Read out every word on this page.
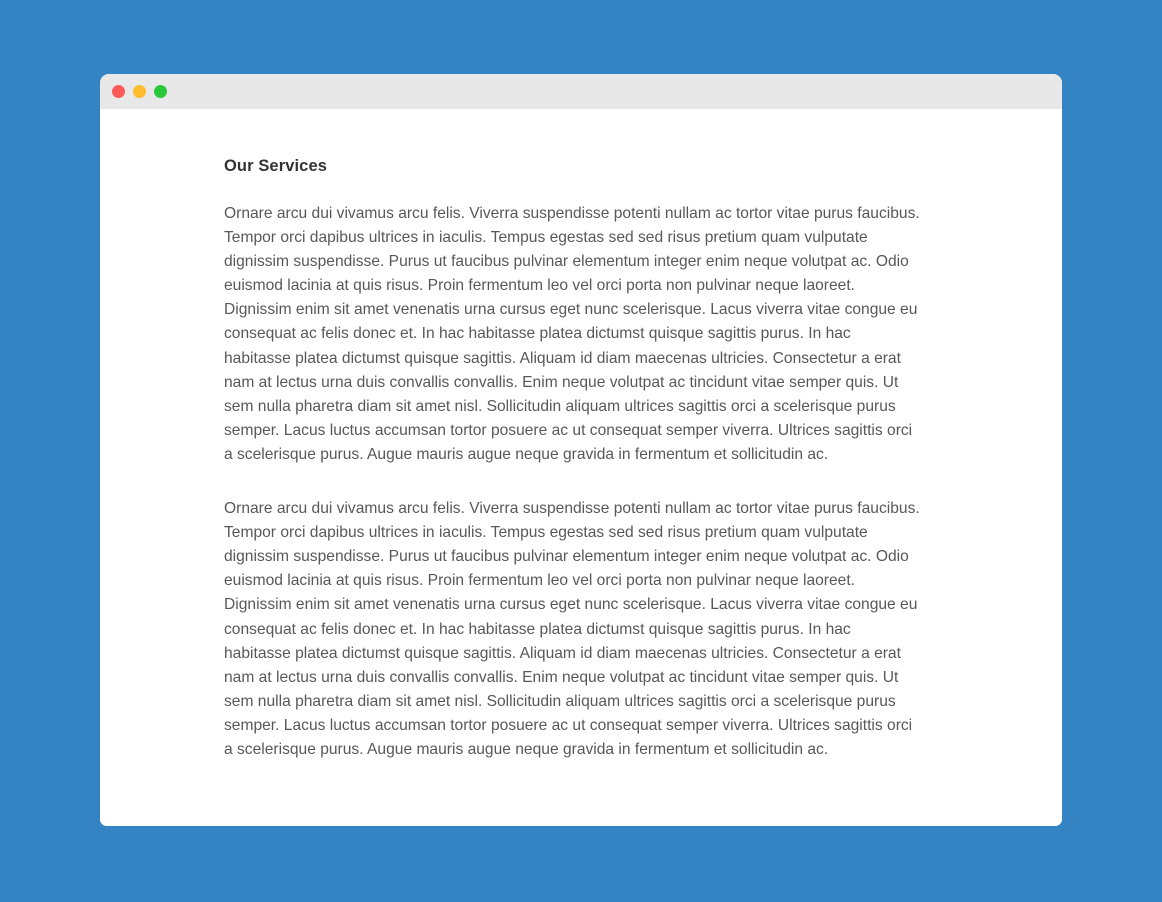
Our Services

Ornare arcu dui vivamus arcu felis. Viverra suspendisse potenti nullam ac tortor vitae purus faucibus. Tempor orci dapibus ultrices in iaculis. Tempus egestas sed sed risus pretium quam vulputate dignissim suspendisse. Purus ut faucibus pulvinar elementum integer enim neque volutpat ac. Odio euismod lacinia at quis risus. Proin fermentum leo vel orci porta non pulvinar neque laoreet. Dignissim enim sit amet venenatis urna cursus eget nunc scelerisque. Lacus viverra vitae congue eu consequat ac felis donec et. In hac habitasse platea dictumst quisque sagittis purus. In hac habitasse platea dictumst quisque sagittis. Aliquam id diam maecenas ultricies. Consectetur a erat nam at lectus urna duis convallis convallis. Enim neque volutpat ac tincidunt vitae semper quis. Ut sem nulla pharetra diam sit amet nisl. Sollicitudin aliquam ultrices sagittis orci a scelerisque purus semper. Lacus luctus accumsan tortor posuere ac ut consequat semper viverra. Ultrices sagittis orci a scelerisque purus. Augue mauris augue neque gravida in fermentum et sollicitudin ac.

Ornare arcu dui vivamus arcu felis. Viverra suspendisse potenti nullam ac tortor vitae purus faucibus. Tempor orci dapibus ultrices in iaculis. Tempus egestas sed sed risus pretium quam vulputate dignissim suspendisse. Purus ut faucibus pulvinar elementum integer enim neque volutpat ac. Odio euismod lacinia at quis risus. Proin fermentum leo vel orci porta non pulvinar neque laoreet. Dignissim enim sit amet venenatis urna cursus eget nunc scelerisque. Lacus viverra vitae congue eu consequat ac felis donec et. In hac habitasse platea dictumst quisque sagittis purus. In hac habitasse platea dictumst quisque sagittis. Aliquam id diam maecenas ultricies. Consectetur a erat nam at lectus urna duis convallis convallis. Enim neque volutpat ac tincidunt vitae semper quis. Ut sem nulla pharetra diam sit amet nisl. Sollicitudin aliquam ultrices sagittis orci a scelerisque purus semper. Lacus luctus accumsan tortor posuere ac ut consequat semper viverra. Ultrices sagittis orci a scelerisque purus. Augue mauris augue neque gravida in fermentum et sollicitudin ac.
